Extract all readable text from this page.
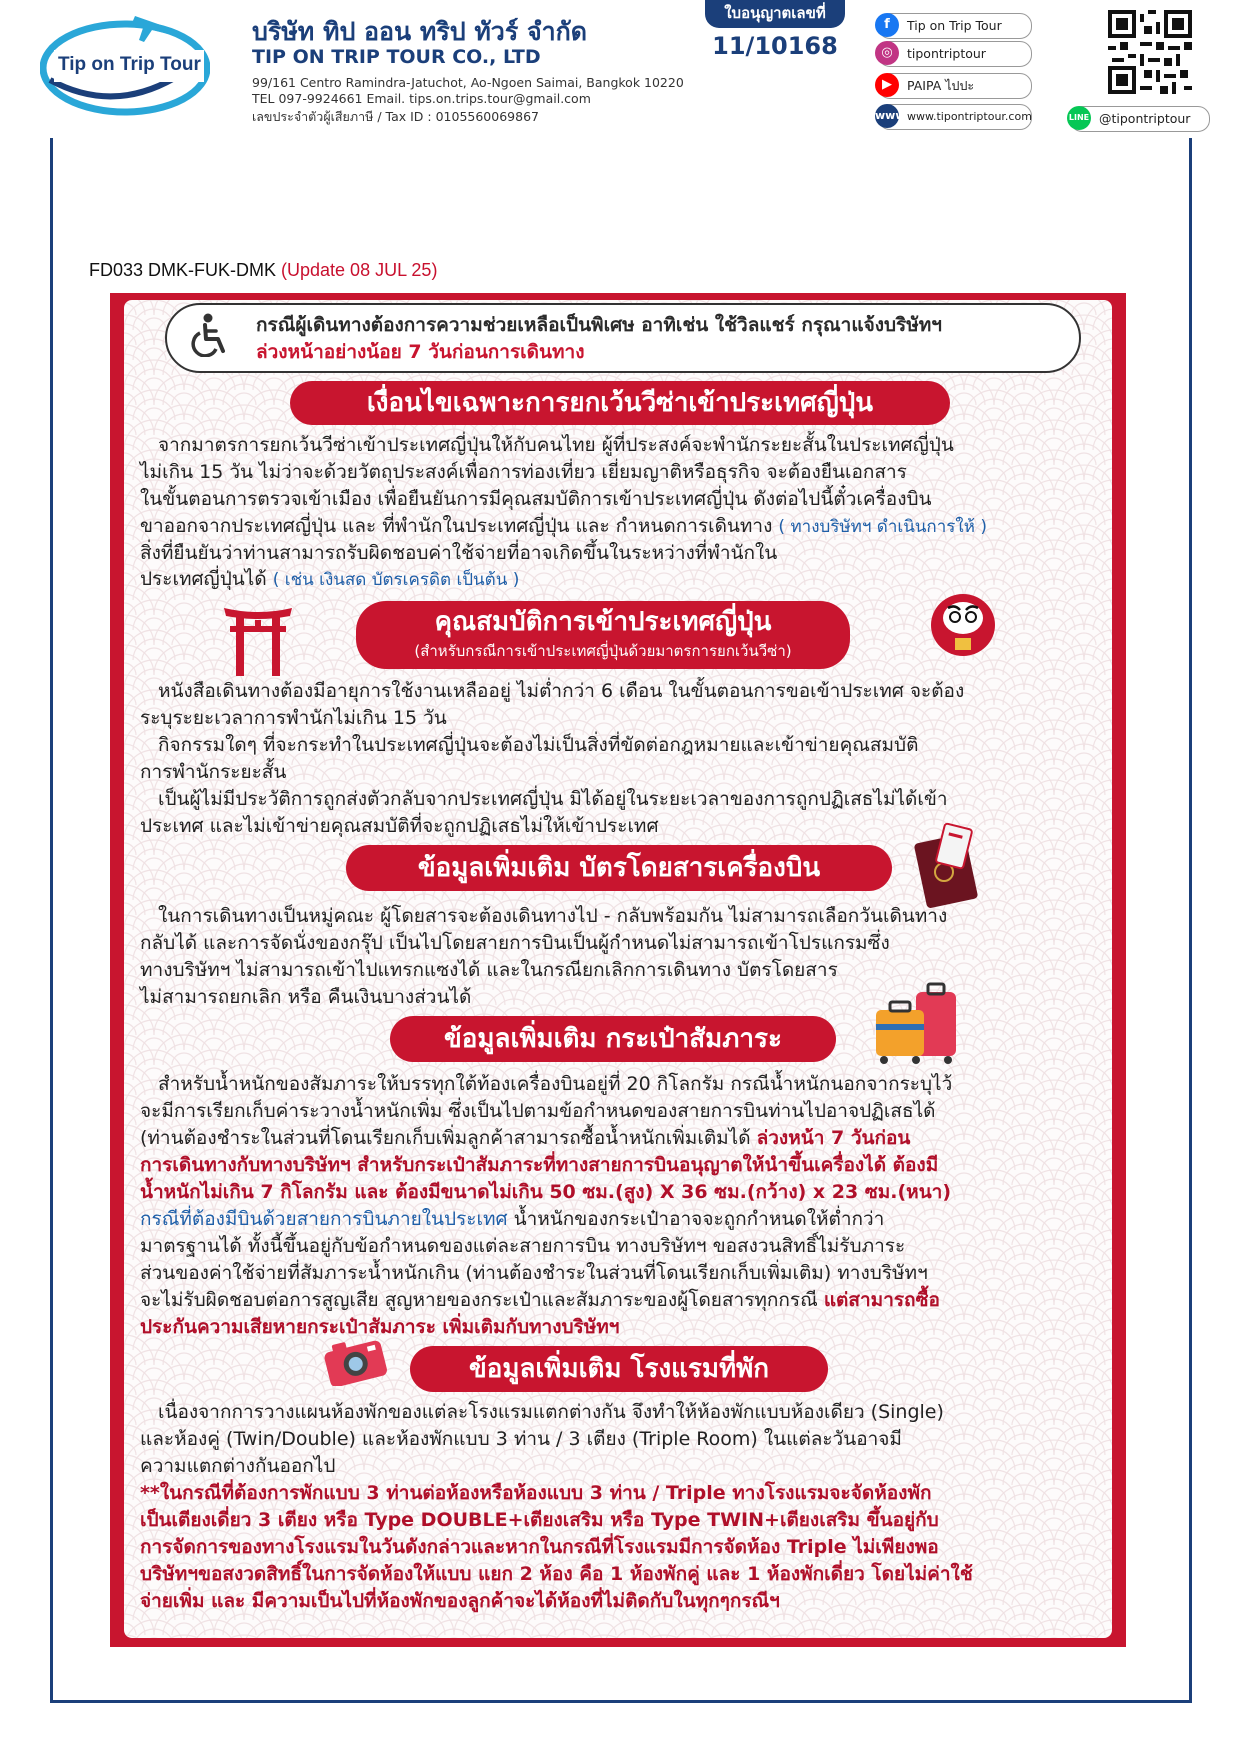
Tip on Trip Tour
บริษัท ทิป ออน ทริป ทัวร์ จำกัด
TIP ON TRIP TOUR CO., LTD
99/161 Centro Ramindra-Jatuchot, Ao-Ngoen Saimai, Bangkok 10220
TEL 097-9924661 Email. tips.on.trips.tour@gmail.com
เลขประจำตัวผู้เสียภาษี / Tax ID : 0105560069867
ใบอนุญาตเลขที่
11/10168
f	Tip on Trip Tour
◎	tipontriptour
▶	PAIPA ไปปะ
www www.tipontriptour.com	LINE @tipontriptour
FD033 DMK-FUK-DMK (Update 08 JUL 25)
กรณีผู้เดินทางต้องการความช่วยเหลือเป็นพิเศษ อาทิเช่น ใช้วิลแชร์ กรุณาแจ้งบริษัทฯ
ล่วงหน้าอย่างน้อย 7 วันก่อนการเดินทาง
เงื่อนไขเฉพาะการยกเว้นวีซ่าเข้าประเทศญี่ปุ่น
จากมาตรการยกเว้นวีซ่าเข้าประเทศญี่ปุ่นให้กับคนไทย ผู้ที่ประสงค์จะพำนักระยะสั้นในประเทศญี่ปุ่น
ไม่เกิน 15 วัน ไม่ว่าจะด้วยวัตถุประสงค์เพื่อการท่องเที่ยว เยี่ยมญาติหรือธุรกิจ จะต้องยืนเอกสาร
ในขั้นตอนการตรวจเข้าเมือง เพื่อยืนยันการมีคุณสมบัติการเข้าประเทศญี่ปุ่น ดังต่อไปนี้ตั๋วเครื่องบิน
ขาออกจากประเทศญี่ปุ่น และ ที่พำนักในประเทศญี่ปุ่น และ กำหนดการเดินทาง ( ทางบริษัทฯ ดำเนินการให้ )
สิ่งที่ยืนยันว่าท่านสามารถรับผิดชอบค่าใช้จ่ายที่อาจเกิดขึ้นในระหว่างที่พำนักใน
ประเทศญี่ปุ่นได้ ( เช่น เงินสด บัตรเครดิต เป็นต้น )
คุณสมบัติการเข้าประเทศญี่ปุ่น
(สำหรับกรณีการเข้าประเทศญี่ปุ่นด้วยมาตรการยกเว้นวีซ่า)
หนังสือเดินทางต้องมีอายุการใช้งานเหลืออยู่ ไม่ต่ำกว่า 6 เดือน ในขั้นตอนการขอเข้าประเทศ จะต้อง
ระบุระยะเวลาการพำนักไม่เกิน 15 วัน
กิจกรรมใดๆ ที่จะกระทำในประเทศญี่ปุ่นจะต้องไม่เป็นสิ่งที่ขัดต่อกฎหมายและเข้าข่ายคุณสมบัติ
การพำนักระยะสั้น
เป็นผู้ไม่มีประวัติการถูกส่งตัวกลับจากประเทศญี่ปุ่น มิได้อยู่ในระยะเวลาของการถูกปฏิเสธไม่ได้เข้า
ประเทศ และไม่เข้าข่ายคุณสมบัติที่จะถูกปฏิเสธไม่ให้เข้าประเทศ
ข้อมูลเพิ่มเติม บัตรโดยสารเครื่องบิน
ในการเดินทางเป็นหมู่คณะ ผู้โดยสารจะต้องเดินทางไป - กลับพร้อมกัน ไม่สามารถเลือกวันเดินทาง
กลับได้ และการจัดนั่งของกรุ๊ป เป็นไปโดยสายการบินเป็นผู้กำหนดไม่สามารถเข้าโปรแกรมซึ่ง
ทางบริษัทฯ ไม่สามารถเข้าไปแทรกแซงได้ และในกรณียกเลิกการเดินทาง บัตรโดยสาร
ไม่สามารถยกเลิก หรือ คืนเงินบางส่วนได้
ข้อมูลเพิ่มเติม กระเป๋าสัมภาระ
สำหรับน้ำหนักของสัมภาระให้บรรทุกใต้ท้องเครื่องบินอยู่ที่ 20 กิโลกรัม กรณีน้ำหนักนอกจากระบุไว้
จะมีการเรียกเก็บค่าระวางน้ำหนักเพิ่ม ซึ่งเป็นไปตามข้อกำหนดของสายการบินท่านไปอาจปฏิเสธได้
(ท่านต้องชำระในส่วนที่โดนเรียกเก็บเพิ่มลูกค้าสามารถซื้อน้ำหนักเพิ่มเติมได้ ล่วงหน้า 7 วันก่อน
การเดินทางกับทางบริษัทฯ สำหรับกระเป๋าสัมภาระที่ทางสายการบินอนุญาตให้นำขึ้นเครื่องได้ ต้องมี
น้ำหนักไม่เกิน 7 กิโลกรัม และ ต้องมีขนาดไม่เกิน 50 ซม.(สูง) X 36 ซม.(กว้าง) x 23 ซม.(หนา)
กรณีที่ต้องมีบินด้วยสายการบินภายในประเทศ น้ำหนักของกระเป๋าอาจจะถูกกำหนดให้ต่ำกว่า
มาตรฐานได้ ทั้งนี้ขึ้นอยู่กับข้อกำหนดของแต่ละสายการบิน ทางบริษัทฯ ขอสงวนสิทธิ์ไม่รับภาระ
ส่วนของค่าใช้จ่ายที่สัมภาระน้ำหนักเกิน (ท่านต้องชำระในส่วนที่โดนเรียกเก็บเพิ่มเติม) ทางบริษัทฯ
จะไม่รับผิดชอบต่อการสูญเสีย สูญหายของกระเป๋าและสัมภาระของผู้โดยสารทุกกรณี แต่สามารถซื้อ
ประกันความเสียหายกระเป๋าสัมภาระ เพิ่มเติมกับทางบริษัทฯ
ข้อมูลเพิ่มเติม โรงแรมที่พัก
เนื่องจากการวางแผนห้องพักของแต่ละโรงแรมแตกต่างกัน จึงทำให้ห้องพักแบบห้องเดียว (Single)
และห้องคู่ (Twin/Double) และห้องพักแบบ 3 ท่าน / 3 เตียง (Triple Room) ในแต่ละวันอาจมี
ความแตกต่างกันออกไป
**ในกรณีที่ต้องการพักแบบ 3 ท่านต่อห้องหรือห้องแบบ 3 ท่าน / Triple ทางโรงแรมจะจัดห้องพัก
เป็นเตียงเดี่ยว 3 เตียง หรือ Type DOUBLE+เตียงเสริม หรือ Type TWIN+เตียงเสริม ขึ้นอยู่กับ
การจัดการของทางโรงแรมในวันดังกล่าวและหากในกรณีที่โรงแรมมีการจัดห้อง Triple ไม่เพียงพอ
บริษัทฯขอสงวดสิทธิ์ในการจัดห้องให้แบบ แยก 2 ห้อง คือ 1 ห้องพักคู่ และ 1 ห้องพักเดี่ยว โดยไม่ค่าใช้
จ่ายเพิ่ม และ มีความเป็นไปที่ห้องพักของลูกค้าจะได้ห้องที่ไม่ติดกับในทุกๆกรณีฯ
